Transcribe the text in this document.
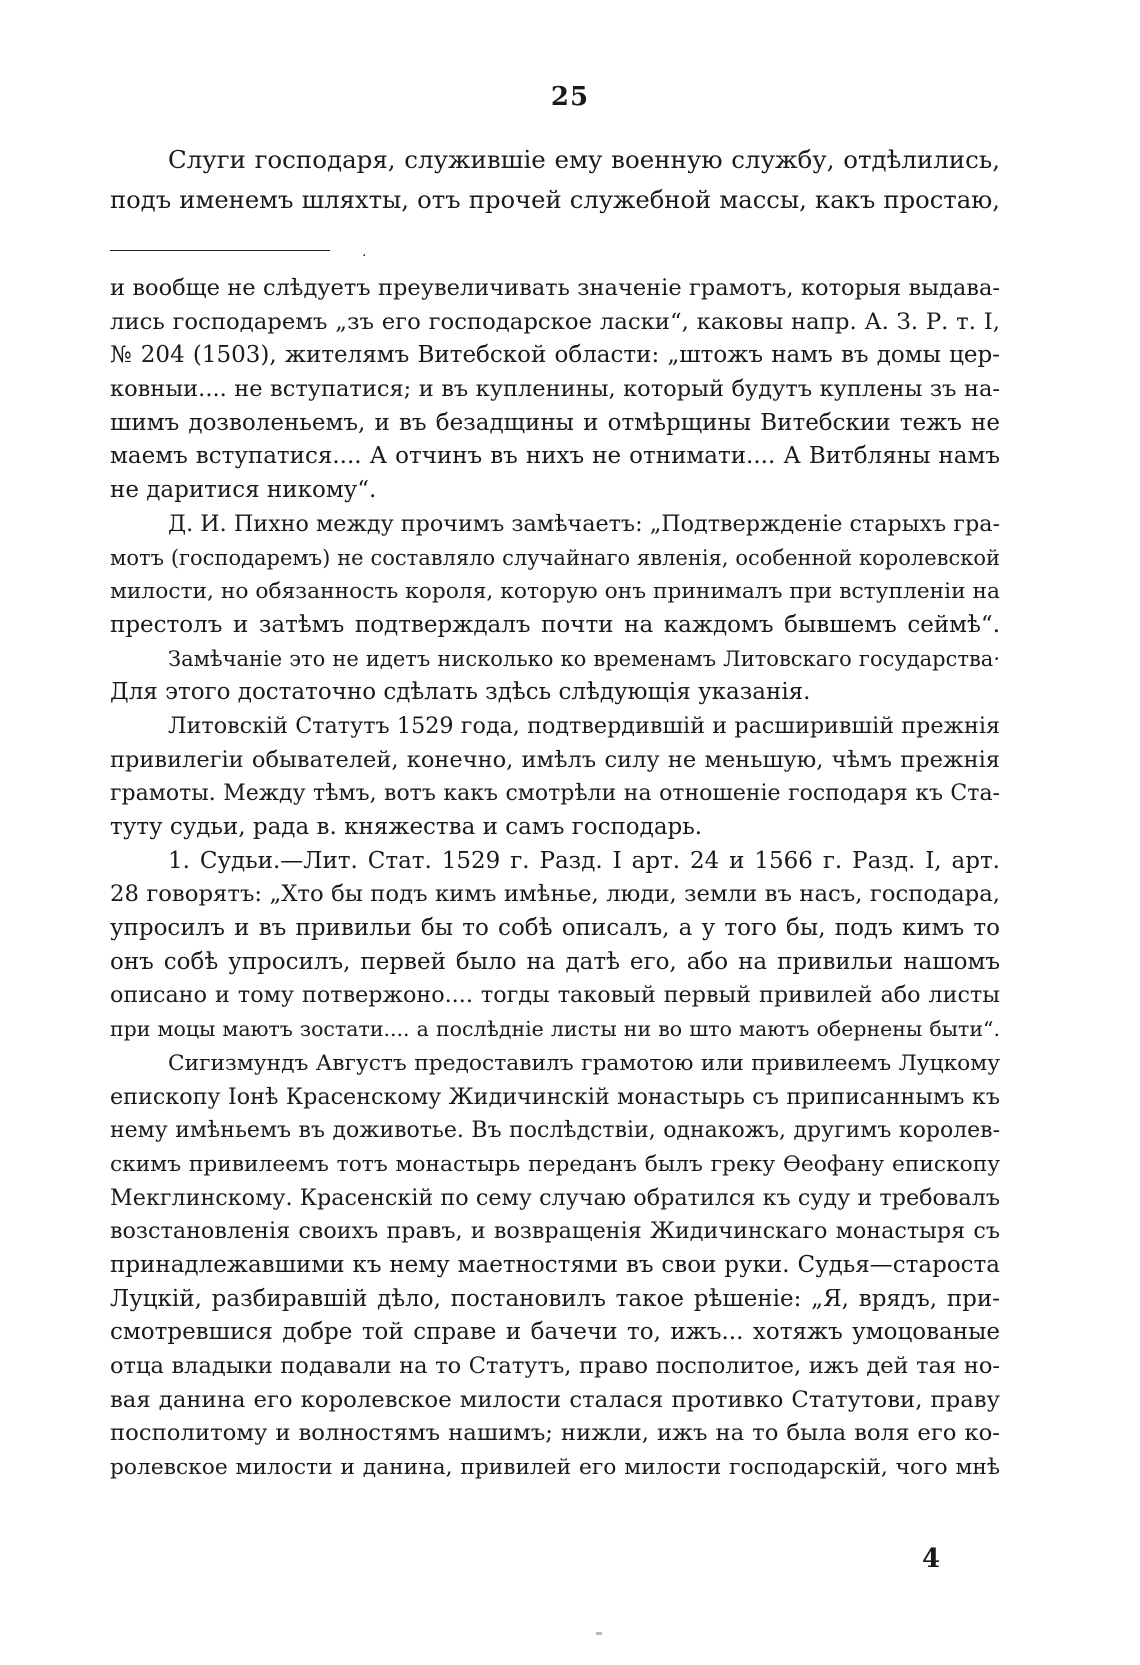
25
Слуги господаря, служившіе ему военную службу, отдѣлились,
подъ именемъ шляхты, отъ прочей служебной массы, какъ простаю,
.
и вообще не слѣдуетъ преувеличивать значенiе грамотъ, которыя выдава-
лись господаремъ „зъ его господарское ласки“, каковы напр. А. З. Р. т. I,
№ 204 (1503), жителямъ Витебской области: „штожъ намъ въ домы цер-
ковныи.... не вступатися; и въ купленины, который будутъ куплены зъ на-
шимъ дозволеньемъ, и въ безадщины и отмѣрщины Витебскии тежъ не
маемъ вступатися.... А отчинъ въ нихъ не отнимати.... А Витбляны намъ
не даритися никому“.
Д. И. Пихно между прочимъ замѣчаетъ: „Подтвержденiе старыхъ гра-
мотъ (господаремъ) не составляло случайнаго явленія, особенной королевской
милости, но обязанность короля, которую онъ принималъ при вступленіи на
престолъ и затѣмъ подтверждалъ почти на каждомъ бывшемъ сеймѣ“.
Замѣчанiе это не идетъ нисколько ко временамъ Литовскаго государства·
Для этого достаточно сдѣлать здѣсь слѣдующія указанія.
Литовскiй Статутъ 1529 года, подтвердившiй и расширившiй прежнія
привилегіи обывателей, конечно, имѣлъ силу не меньшую, чѣмъ прежнія
грамоты. Между тѣмъ, вотъ какъ смотрѣли на отношенiе господаря къ Ста-
туту судьи, рада в. княжества и самъ господарь.
1. Судьи.—Лит. Стат. 1529 г. Разд. I арт. 24 и 1566 г. Разд. I, арт.
28 говорятъ: „Хто бы подъ кимъ имѣнье, люди, земли въ насъ, господара,
упросилъ и въ привильи бы то собѣ описалъ, а у того бы, подъ кимъ то
онъ собѣ упросилъ, первей было на датѣ его, або на привильи нашомъ
описано и тому потвержоно.... тогды таковый первый привилей або листы
при моцы маютъ зостати.... а послѣднiе листы ни во што маютъ обернены быти“.
Сигизмундъ Августъ предоставилъ грамотою или привилеемъ Луцкому
епископу Іонѣ Красенскому Жидичинскiй монастырь съ приписаннымъ къ
нему имѣньемъ въ доживотье. Въ послѣдствiи, однакожъ, другимъ королев-
скимъ привилеемъ тотъ монастырь переданъ былъ греку Ѳеофану епископу
Мекглинскому. Красенскiй по сему случаю обратился къ суду и требовалъ
возстановленія своихъ правъ, и возвращенія Жидичинскаго монастыря съ
принадлежавшими къ нему маетностями въ свои руки. Судья—староста
Луцкiй, разбиравшiй дѣло, постановилъ такое рѣшенiе: „Я, врядъ, при-
смотревшися добре той справе и бачечи то, ижъ... хотяжъ умоцованые
отца владыки подавали на то Статутъ, право посполитое, ижъ дей тая но-
вая данина его королевское милости сталася противко Статутови, праву
посполитому и волностямъ нашимъ; нижли, ижъ на то была воля его ко-
ролевское милости и данина, привилей его милости господарскiй, чого мнѣ
4
